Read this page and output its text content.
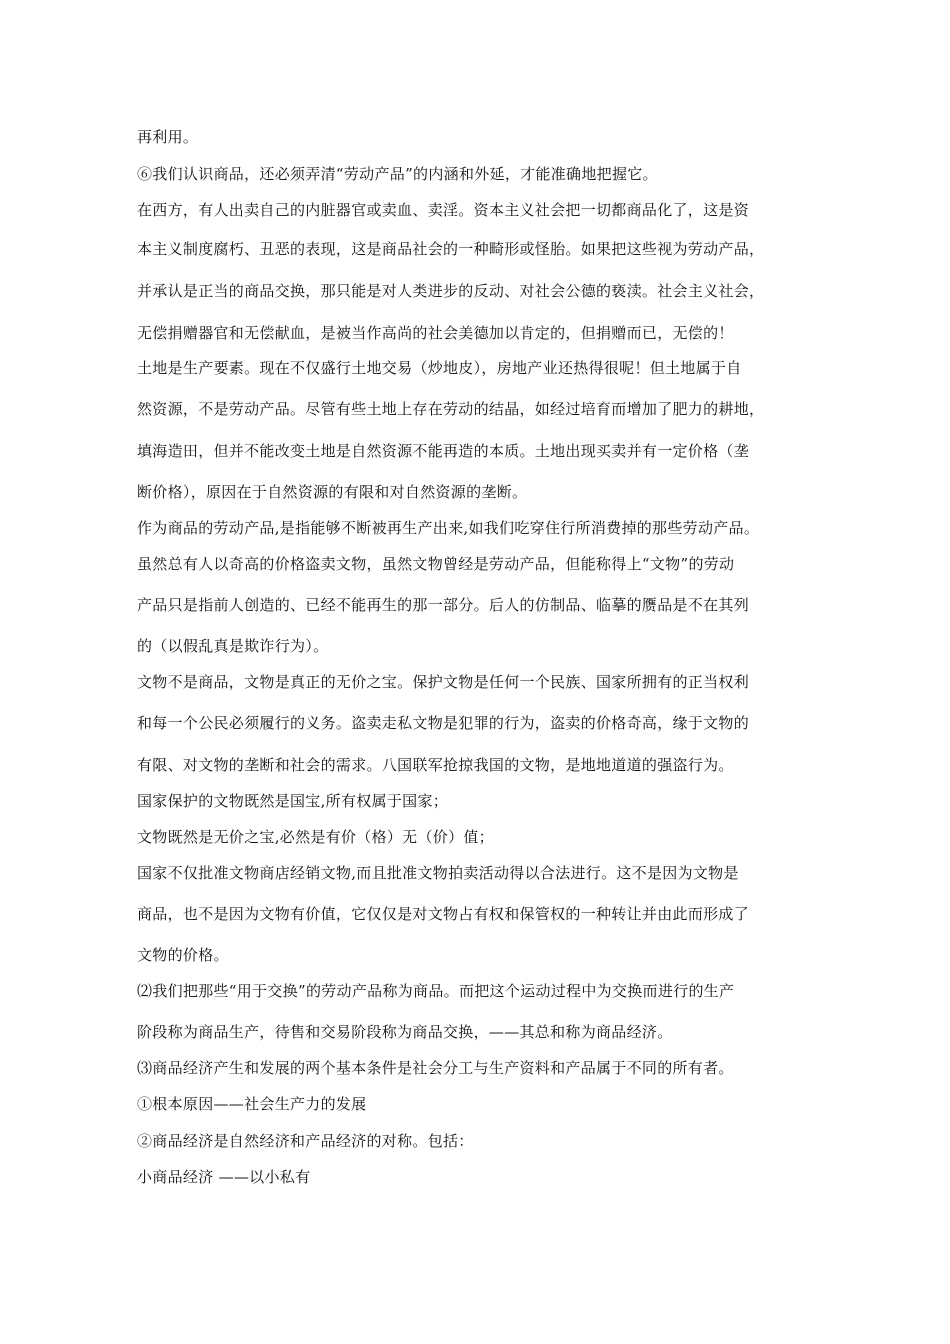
再利用。
⑥我们认识商品，还必须弄清“劳动产品”的内涵和外延，才能准确地把握它。
在西方，有人出卖自己的内脏器官或卖血、卖淫。资本主义社会把一切都商品化了，这是资
本主义制度腐朽、丑恶的表现，这是商品社会的一种畸形或怪胎。如果把这些视为劳动产品，
并承认是正当的商品交换，那只能是对人类进步的反动、对社会公德的亵渎。社会主义社会，
无偿捐赠器官和无偿献血，是被当作高尚的社会美德加以肯定的，但捐赠而已，无偿的！
土地是生产要素。现在不仅盛行土地交易（炒地皮），房地产业还热得很呢！但土地属于自
然资源，不是劳动产品。尽管有些土地上存在劳动的结晶，如经过培育而增加了肥力的耕地，
填海造田，但并不能改变土地是自然资源不能再造的本质。土地出现买卖并有一定价格（垄
断价格），原因在于自然资源的有限和对自然资源的垄断。
作为商品的劳动产品,是指能够不断被再生产出来,如我们吃穿住行所消费掉的那些劳动产品。
虽然总有人以奇高的价格盗卖文物，虽然文物曾经是劳动产品，但能称得上“文物”的劳动
产品只是指前人创造的、已经不能再生的那一部分。后人的仿制品、临摹的赝品是不在其列
的（以假乱真是欺诈行为）。
文物不是商品，文物是真正的无价之宝。保护文物是任何一个民族、国家所拥有的正当权利
和每一个公民必须履行的义务。盗卖走私文物是犯罪的行为，盗卖的价格奇高，缘于文物的
有限、对文物的垄断和社会的需求。八国联军抢掠我国的文物，是地地道道的强盗行为。
国家保护的文物既然是国宝,所有权属于国家；
文物既然是无价之宝,必然是有价（格）无（价）值；
国家不仅批准文物商店经销文物,而且批准文物拍卖活动得以合法进行。这不是因为文物是
商品，也不是因为文物有价值，它仅仅是对文物占有权和保管权的一种转让并由此而形成了
文物的价格。
⑵我们把那些“用于交换”的劳动产品称为商品。而把这个运动过程中为交换而进行的生产
阶段称为商品生产，待售和交易阶段称为商品交换，——其总和称为商品经济。
⑶商品经济产生和发展的两个基本条件是社会分工与生产资料和产品属于不同的所有者。
①根本原因——社会生产力的发展
②商品经济是自然经济和产品经济的对称。包括：
小商品经济 ——以小私有
